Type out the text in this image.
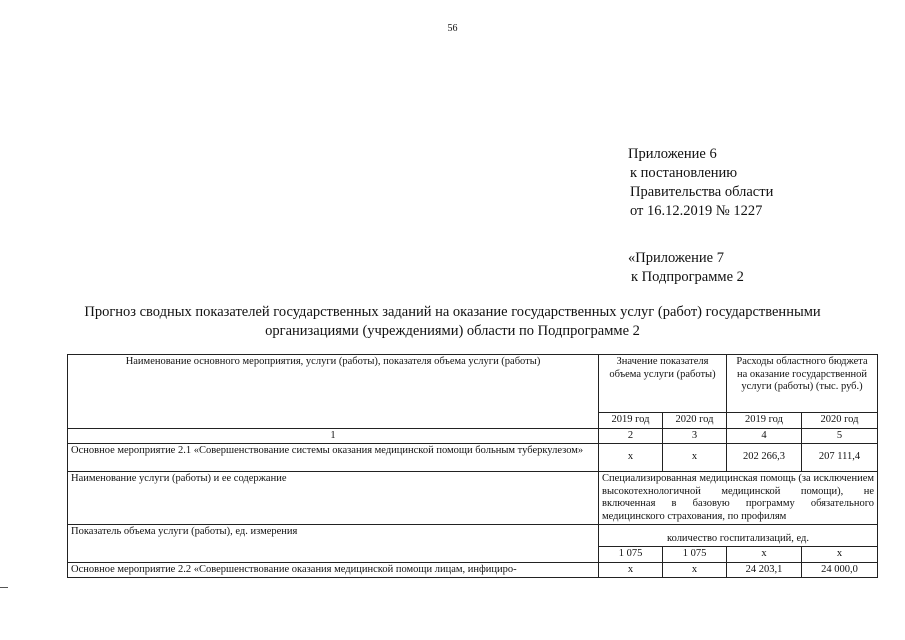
56
Приложение 6
к постановлению
Правительства области
от 16.12.2019 № 1227
«Приложение 7
к Подпрограмме 2
Прогноз сводных показателей государственных заданий на оказание государственных услуг (работ) государственными организациями (учреждениями) области по Подпрограмме 2
Наименование основного мероприятия, услуги (работы), показателя объема услуги (работы)	Значение показателя объема услуги (работы)		Расходы областного бюджета на оказание государственной услуги (работы) (тыс. руб.)	
	2019 год	2020 год	2019 год	2020 год
1	2	3	4	5
Основное мероприятие 2.1 «Совершенствование системы оказания медицинской помощи больным туберкулезом»	х	х	202 266,3	207 111,4
Наименование услуги (работы) и ее содержание	Специализированная медицинская помощь (за исключением высокотехнологичной медицинской помощи), не включенная в базовую программу обязательного медицинского страхования, по профилям			
Показатель объема услуги (работы), ед. измерения	количество госпитализаций, ед.			
	1 075	1 075	х	х
Основное мероприятие 2.2 «Совершенствование оказания медицинской помощи лицам, инфициро-	х	х	24 203,1	24 000,0
